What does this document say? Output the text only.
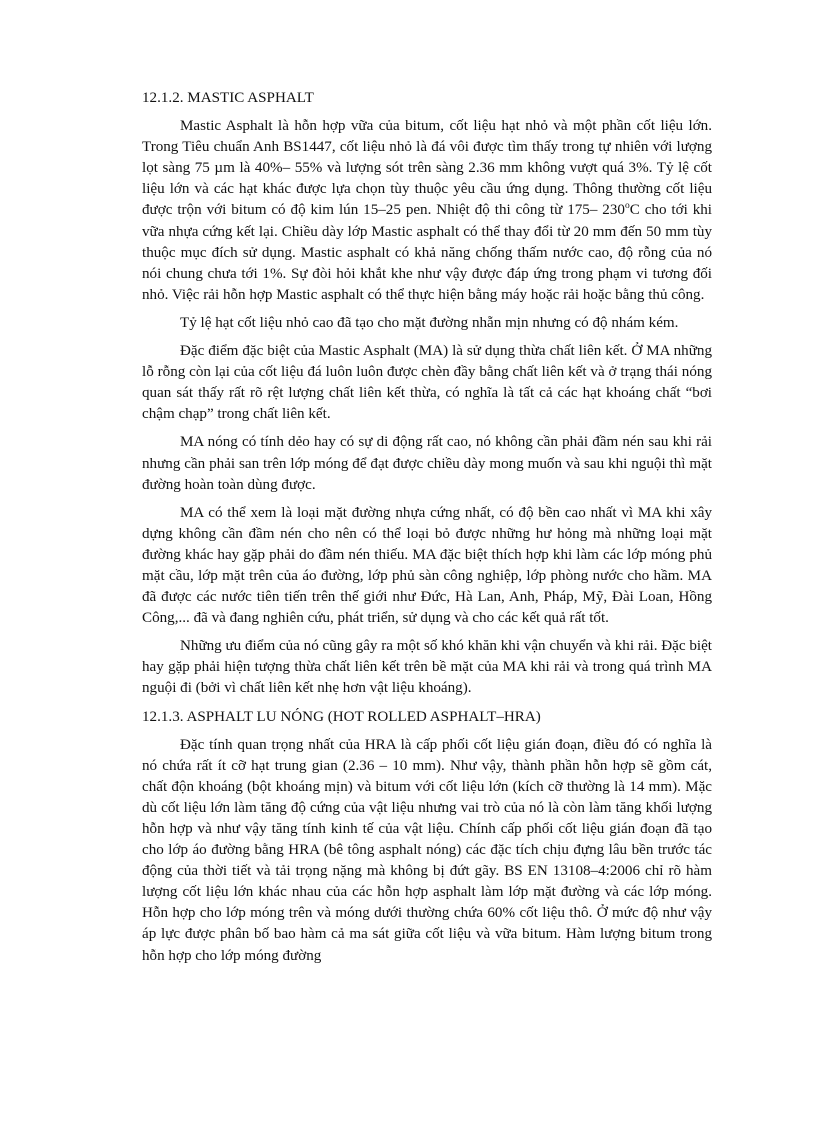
12.1.2. MASTIC ASPHALT

Mastic Asphalt là hỗn hợp vữa của bitum, cốt liệu hạt nhỏ và một phần cốt liệu lớn. Trong Tiêu chuẩn Anh BS1447, cốt liệu nhỏ là đá vôi được tìm thấy trong tự nhiên với lượng lọt sàng 75 µm là 40%– 55% và lượng sót trên sàng 2.36 mm không vượt quá 3%. Tỷ lệ cốt liệu lớn và các hạt khác được lựa chọn tùy thuộc yêu cầu ứng dụng. Thông thường cốt liệu được trộn với bitum có độ kim lún 15–25 pen. Nhiệt độ thi công từ 175– 230$^o$C cho tới khi vữa nhựa cứng kết lại. Chiều dày lớp Mastic asphalt có thể thay đổi từ 20 mm đến 50 mm tùy thuộc mục đích sử dụng. Mastic asphalt có khả năng chống thấm nước cao, độ rỗng của nó nói chung chưa tới 1%. Sự đòi hỏi khắt khe như vậy được đáp ứng trong phạm vi tương đối nhỏ. Việc rải hỗn hợp Mastic asphalt có thể thực hiện bằng máy hoặc rải hoặc bằng thủ công.

Tỷ lệ hạt cốt liệu nhỏ cao đã tạo cho mặt đường nhẵn mịn nhưng có độ nhám kém.

Đặc điểm đặc biệt của Mastic Asphalt (MA) là sử dụng thừa chất liên kết. Ở MA những lỗ rỗng còn lại của cốt liệu đá luôn luôn được chèn đầy bằng chất liên kết và ở trạng thái nóng quan sát thấy rất rõ rệt lượng chất liên kết thừa, có nghĩa là tất cả các hạt khoáng chất “bơi chậm chạp” trong chất liên kết.

MA nóng có tính dẻo hay có sự di động rất cao, nó không cần phải đầm nén sau khi rải nhưng cần phải san trên lớp móng để đạt được chiều dày mong muốn và sau khi nguội thì mặt đường hoàn toàn dùng được.

MA có thể xem là loại mặt đường nhựa cứng nhất, có độ bền cao nhất vì MA khi xây dựng không cần đầm nén cho nên có thể loại bỏ được những hư hỏng mà những loại mặt đường khác hay gặp phải do đầm nén thiếu. MA đặc biệt thích hợp khi làm các lớp móng phủ mặt cầu, lớp mặt trên của áo đường, lớp phủ sàn công nghiệp, lớp phòng nước cho hầm. MA đã được các nước tiên tiến trên thế giới như Đức, Hà Lan, Anh, Pháp, Mỹ, Đài Loan, Hồng Công,... đã và đang nghiên cứu, phát triển, sử dụng và cho các kết quả rất tốt.

Những ưu điểm của nó cũng gây ra một số khó khăn khi vận chuyển và khi rải. Đặc biệt hay gặp phải hiện tượng thừa chất liên kết trên bề mặt của MA khi rải và trong quá trình MA nguội đi (bởi vì chất liên kết nhẹ hơn vật liệu khoáng).

12.1.3. ASPHALT LU NÓNG (HOT ROLLED ASPHALT–HRA)

Đặc tính quan trọng nhất của HRA là cấp phối cốt liệu gián đoạn, điều đó có nghĩa là nó chứa rất ít cỡ hạt trung gian (2.36 – 10 mm). Như vậy, thành phần hỗn hợp sẽ gồm cát, chất độn khoáng (bột khoáng mịn) và bitum với cốt liệu lớn (kích cỡ thường là 14 mm). Mặc dù cốt liệu lớn làm tăng độ cứng của vật liệu nhưng vai trò của nó là còn làm tăng khối lượng hỗn hợp và như vậy tăng tính kinh tế của vật liệu. Chính cấp phối cốt liệu gián đoạn đã tạo cho lớp áo đường bằng HRA (bê tông asphalt nóng) các đặc tích chịu đựng lâu bền trước tác động của thời tiết và tải trọng nặng mà không bị đứt gãy. BS EN 13108–4:2006 chỉ rõ hàm lượng cốt liệu lớn khác nhau của các hỗn hợp asphalt làm lớp mặt đường và các lớp móng. Hỗn hợp cho lớp móng trên và móng dưới thường chứa 60% cốt liệu thô. Ở mức độ như vậy áp lực được phân bố bao hàm cả ma sát giữa cốt liệu và vữa bitum. Hàm lượng bitum trong hỗn hợp cho lớp móng đường
